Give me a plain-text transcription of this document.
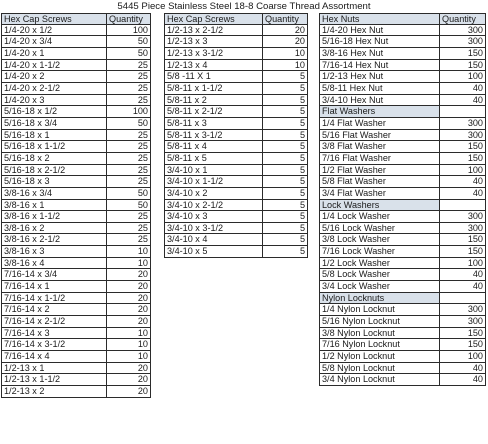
5445 Piece Stainless Steel 18-8 Coarse Thread Assortment
Hex Cap Screws	Quantity
1/4-20 x 1/2	100
1/4-20 x 3/4	50
1/4-20 x 1	50
1/4-20 x 1-1/2	25
1/4-20 x 2	25
1/4-20 x 2-1/2	25
1/4-20 x 3	25
5/16-18 x 1/2	100
5/16-18 x 3/4	50
5/16-18 x 1	25
5/16-18 x 1-1/2	25
5/16-18 x 2	25
5/16-18 x 2-1/2	25
5/16-18 x 3	25
3/8-16 x 3/4	50
3/8-16 x 1	50
3/8-16 x 1-1/2	25
3/8-16 x 2	25
3/8-16 x 2-1/2	25
3/8-16 x 3	10
3/8-16 x 4	10
7/16-14 x 3/4	20
7/16-14 x 1	20
7/16-14 x 1-1/2	20
7/16-14 x 2	20
7/16-14 x 2-1/2	20
7/16-14 x 3	10
7/16-14 x 3-1/2	10
7/16-14 x 4	10
1/2-13 x 1	20
1/2-13 x 1-1/2	20
1/2-13 x 2	20
Hex Cap Screws	Quantity
1/2-13 x 2-1/2	20
1/2-13 x 3	20
1/2-13 x 3-1/2	10
1/2-13 x 4	10
5/8 -11 X 1	5
5/8-11 x 1-1/2	5
5/8-11 x 2	5
5/8-11 x 2-1/2	5
5/8-11 x 3	5
5/8-11 x 3-1/2	5
5/8-11 x 4	5
5/8-11 x 5	5
3/4-10 x 1	5
3/4-10 x 1-1/2	5
3/4-10 x 2	5
3/4-10 x 2-1/2	5
3/4-10 x 3	5
3/4-10 x 3-1/2	5
3/4-10 x 4	5
3/4-10 x 5	5
Hex Nuts	Quantity
1/4-20 Hex Nut	300
5/16-18 Hex Nut	300
3/8-16 Hex Nut	150
7/16-14 Hex Nut	150
1/2-13 Hex Nut	100
5/8-11 Hex Nut	40
3/4-10 Hex Nut	40
Flat Washers
1/4 Flat Washer	300
5/16 Flat Washer	300
3/8 Flat Washer	150
7/16 Flat Washer	150
1/2 Flat Washer	100
5/8 Flat Washer	40
3/4 Flat Washer	40
Lock Washers
1/4 Lock Washer	300
5/16 Lock Washer	300
3/8 Lock Washer	150
7/16 Lock Washer	150
1/2 Lock Washer	100
5/8 Lock Washer	40
3/4 Lock Washer	40
Nylon Locknuts
1/4 Nylon Locknut	300
5/16 Nylon Locknut	300
3/8 Nylon Locknut	150
7/16 Nylon Locknut	150
1/2 Nylon Locknut	100
5/8 Nylon Locknut	40
3/4 Nylon Locknut	40
